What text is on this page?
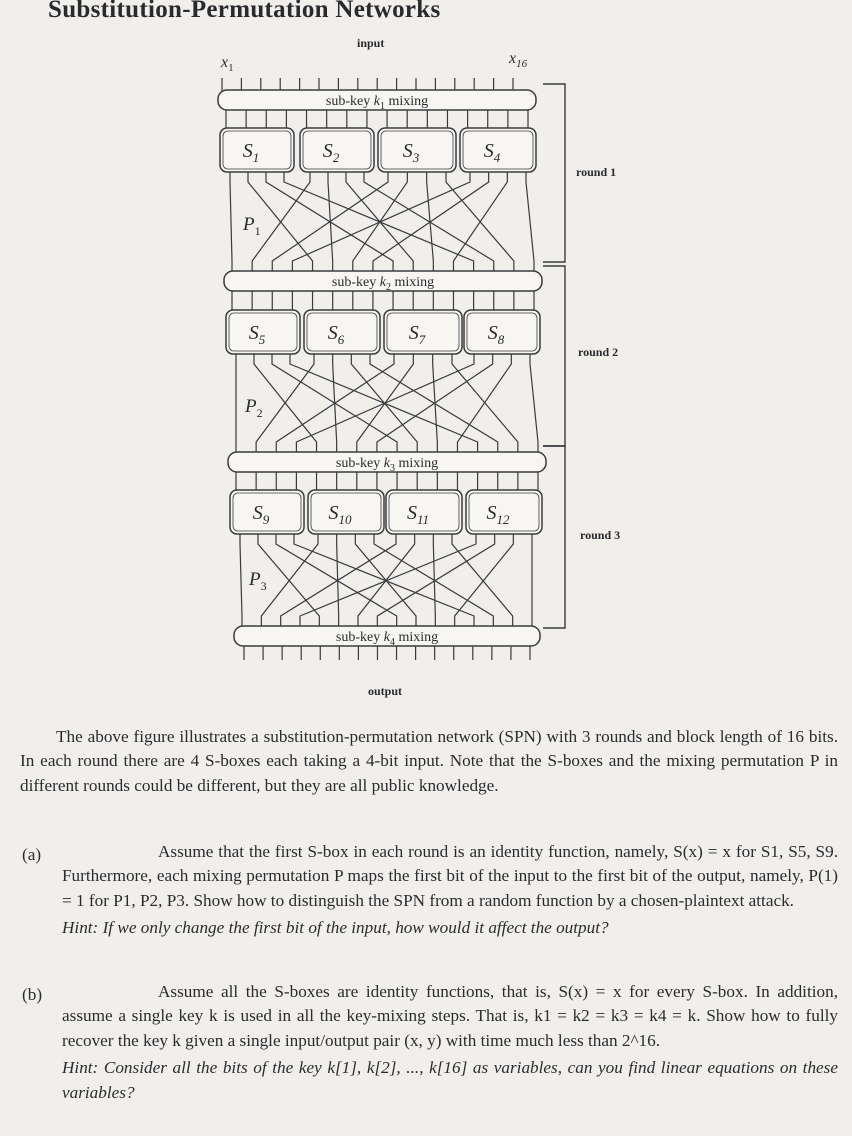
Substitution-Permutation Networks
sub-key $k_1$ mixing
sub-key $k_2$ mixing
sub-key $k_3$ mixing
sub-key $k_4$ mixing
$S_1$	$S_2$	$S_3$	$S_4$
$S_5$	$S_6$	$S_7$	$S_8$
$S_9$	$S_{10}$	$S_{11}$	$S_{12}$
input
output
$x_1$
$x_{16}$
round 1
round 2
round 3
$P_1$
$P_2$
$P_3$

The above figure illustrates a substitution-permutation network (SPN) with 3 rounds and block length of 16 bits. In each round there are 4 S-boxes each taking a 4-bit input. Note that the S-boxes and the mixing permutation P in different rounds could be different, but they are all public knowledge.

(a)	Assume that the first S-box in each round is an identity function, namely, S(x) = x for S1, S5, S9. Furthermore, each mixing permutation P maps the first bit of the input to the first bit of the output, namely, P(1) = 1 for P1, P2, P3. Show how to distinguish the SPN from a random function by a chosen-plaintext attack.
Hint: If we only change the first bit of the input, how would it affect the output?
(b)	Assume all the S-boxes are identity functions, that is, S(x) = x for every S-box. In addition, assume a single key k is used in all the key-mixing steps. That is, k1 = k2 = k3 = k4 = k. Show how to fully recover the key k given a single input/output pair (x, y) with time much less than 2^16.
Hint: Consider all the bits of the key k[1], k[2], ..., k[16] as variables, can you find linear equations on these variables?
